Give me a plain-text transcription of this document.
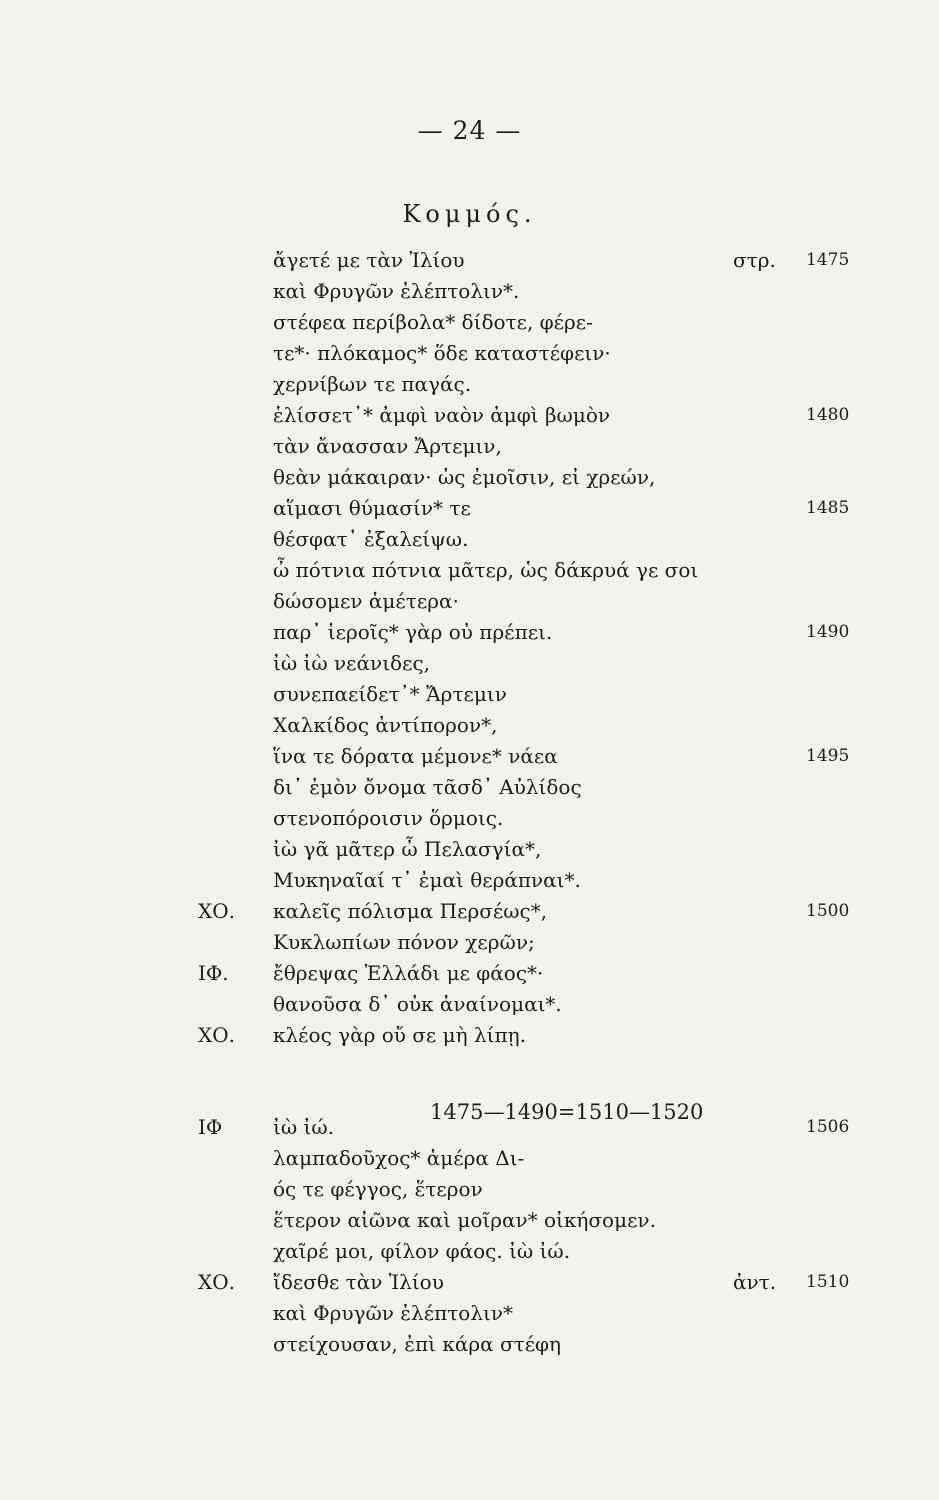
— 24 —
Κομμός.
ἄγετέ με τὰν Ἰλίου	στρ. 1475
καὶ Φρυγῶν ἑλέπτολιν*.
στέφεα περίβολα* δίδοτε, φέρε-
τε*· πλόκαμος* ὅδε καταστέφειν·
χερνίβων τε παγάς.
ἑλίσσετ᾽* ἀμφὶ ναὸν ἀμφὶ βωμὸν	1480
τὰν ἄνασσαν Ἄρτεμιν,
θεὰν μάκαιραν· ὡς ἐμοῖσιν, εἰ χρεών,
αἵμασι θύμασίν* τε	1485
θέσφατ᾽ ἐξαλείψω.
ὦ πότνια πότνια μᾶτερ, ὡς δάκρυά γε σοι
δώσομεν ἁμέτερα·
παρ᾽ ἱεροῖς* γὰρ οὐ πρέπει.	1490
ἰὼ ἰὼ νεάνιδες,
συνεπαείδετ᾽* Ἄρτεμιν
Χαλκίδος ἀντίπορον*,
ἵνα τε δόρατα μέμονε* νάεα	1495
δι᾽ ἐμὸν ὄνομα τᾶσδ᾽ Αὐλίδος
στενοπόροισιν ὅρμοις.
ἰὼ γᾶ μᾶτερ ὦ Πελασγία*,
Μυκηναῖαί τ᾽ ἐμαὶ θεράπναι*.
ΧΟ. καλεῖς πόλισμα Περσέως*,	1500
Κυκλωπίων πόνον χερῶν;
ΙΦ. ἔθρεψας Ἑλλάδι με φάος*·
θανοῦσα δ᾽ οὐκ ἀναίνομαι*.
ΧΟ. κλέος γὰρ οὔ σε μὴ λίπῃ.
ΙΦ	ἰὼ ἰώ.	1506
λαμπαδοῦχος* ἁμέρα Δι-
ός τε φέγγος, ἕτερον
ἕτερον αἰῶνα καὶ μοῖραν* οἰκήσομεν.
χαῖρέ μοι, φίλον φάος. ἰὼ ἰώ.
ΧΟ. ἴδεσθε τὰν Ἰλίου	ἀντ. 1510
καὶ Φρυγῶν ἑλέπτολιν*
στείχουσαν, ἐπὶ κάρα στέφη
1475—1490=1510—1520
